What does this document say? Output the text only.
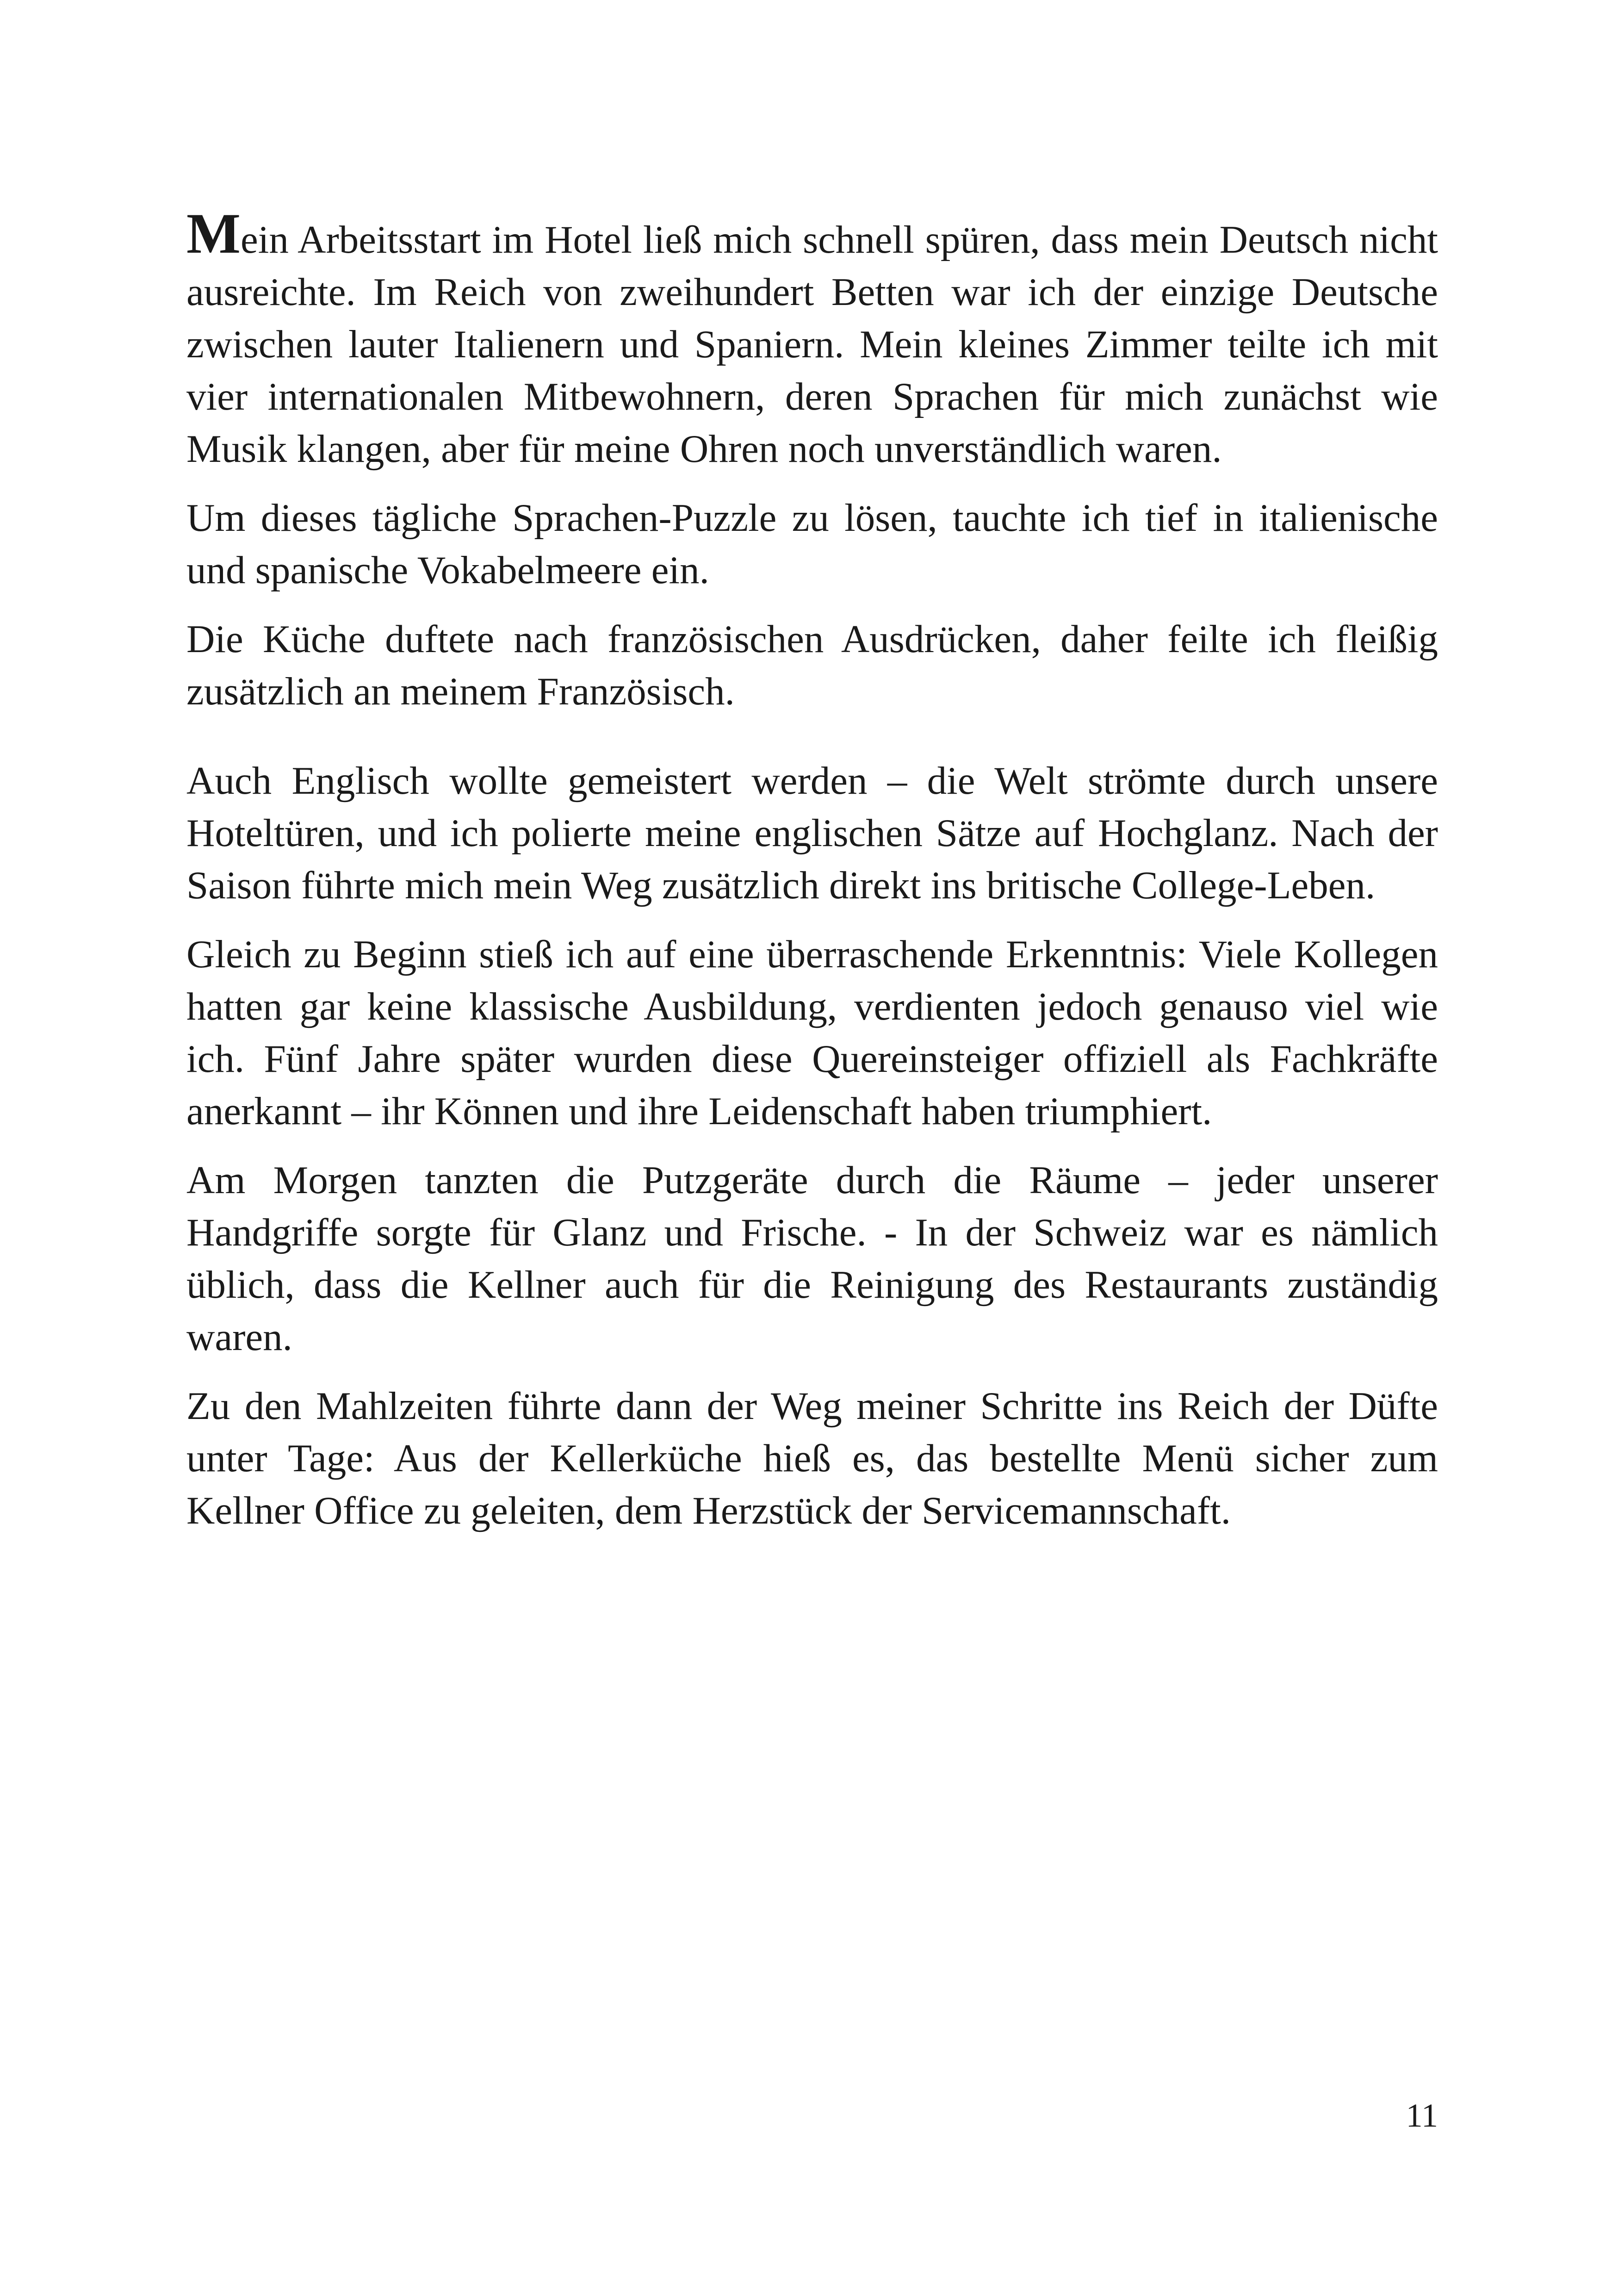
Mein Arbeitsstart im Hotel ließ mich schnell spüren, dass mein Deutsch nicht ausreichte. Im Reich von zweihundert Betten war ich der einzige Deutsche zwischen lauter Italienern und Spaniern. Mein kleines Zimmer teilte ich mit vier internationalen Mitbewohnern, deren Sprachen für mich zunächst wie Musik klangen, aber für meine Ohren noch unverständlich waren.

Um dieses tägliche Sprachen-Puzzle zu lösen, tauchte ich tief in italienische und spanische Vokabelmeere ein.

Die Küche duftete nach französischen Ausdrücken, daher feilte ich fleißig zusätzlich an meinem Französisch.

Auch Englisch wollte gemeistert werden – die Welt strömte durch unsere Hoteltüren, und ich polierte meine englischen Sätze auf Hochglanz. Nach der Saison führte mich mein Weg zusätzlich direkt ins britische College-Leben.

Gleich zu Beginn stieß ich auf eine überraschende Erkenntnis: Viele Kollegen hatten gar keine klassische Ausbildung, verdienten jedoch genauso viel wie ich. Fünf Jahre später wurden diese Quereinsteiger offiziell als Fachkräfte anerkannt – ihr Können und ihre Leidenschaft haben triumphiert.

Am Morgen tanzten die Putzgeräte durch die Räume – jeder unserer Handgriffe sorgte für Glanz und Frische. - In der Schweiz war es nämlich üblich, dass die Kellner auch für die Reinigung des Restaurants zuständig waren.

Zu den Mahlzeiten führte dann der Weg meiner Schritte ins Reich der Düfte unter Tage: Aus der Kellerküche hieß es, das bestellte Menü sicher zum Kellner Office zu geleiten, dem Herzstück der Servicemannschaft.

11
